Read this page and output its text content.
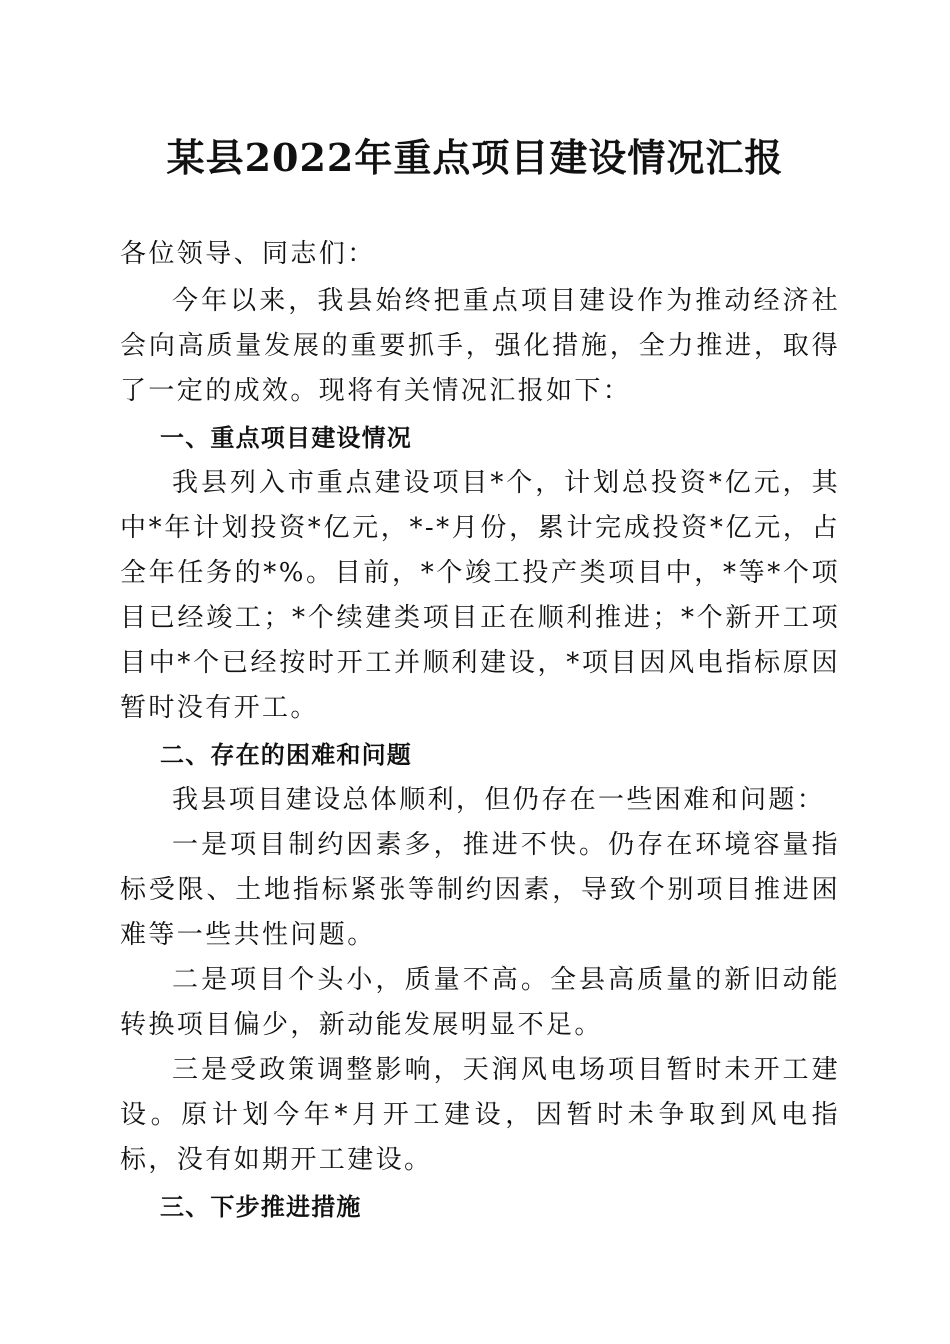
某县2022年重点项目建设情况汇报

各位领导、同志们：

今年以来，我县始终把重点项目建设作为推动经济社会向高质量发展的重要抓手，强化措施，全力推进，取得了一定的成效。现将有关情况汇报如下：

一、重点项目建设情况

我县列入市重点建设项目*个，计划总投资*亿元，其中*年计划投资*亿元，*-*月份，累计完成投资*亿元，占全年任务的*%。目前，*个竣工投产类项目中，*等*个项目已经竣工；*个续建类项目正在顺利推进；*个新开工项目中*个已经按时开工并顺利建设，*项目因风电指标原因暂时没有开工。

二、存在的困难和问题

我县项目建设总体顺利，但仍存在一些困难和问题：

一是项目制约因素多，推进不快。仍存在环境容量指标受限、土地指标紧张等制约因素，导致个别项目推进困难等一些共性问题。

二是项目个头小，质量不高。全县高质量的新旧动能转换项目偏少，新动能发展明显不足。

三是受政策调整影响，天润风电场项目暂时未开工建设。原计划今年*月开工建设，因暂时未争取到风电指标，没有如期开工建设。

三、下步推进措施
